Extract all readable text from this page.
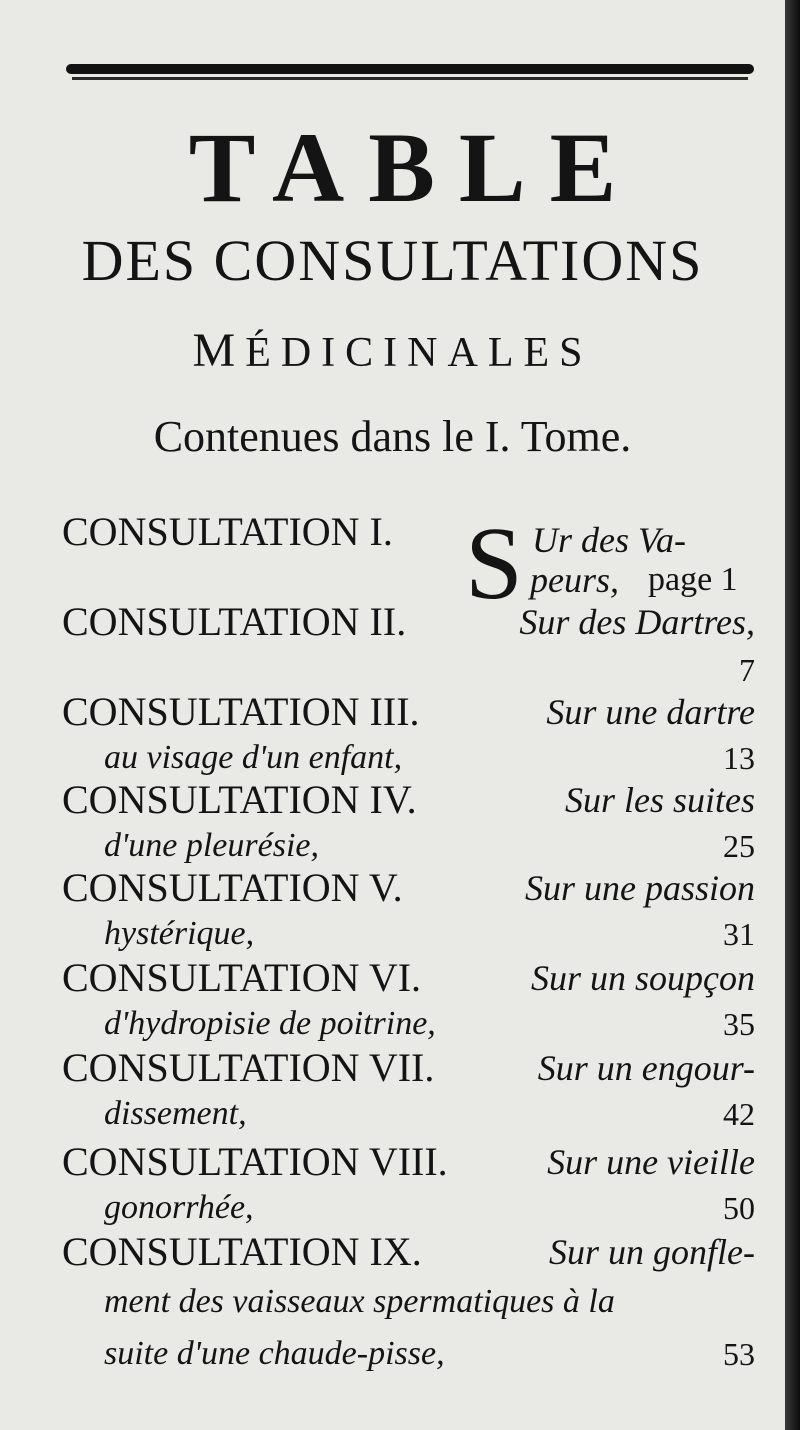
TABLE
DES CONSULTATIONS
MÉDICINALES
Contenues dans le I. Tome.
CONSULTATION I. S Ur des Va-
peurs, page 1
CONSULTATION II.	Sur des Dartres,
7
CONSULTATION III.	Sur une dartre
au visage d'un enfant,	13
CONSULTATION IV.	Sur les suites
d'une pleurésie,	25
CONSULTATION V.	Sur une passion
hystérique,	31
CONSULTATION VI.	Sur un soupçon
d'hydropisie de poitrine,	35
CONSULTATION VII.	Sur un engour-
dissement,	42
CONSULTATION VIII.	Sur une vieille
gonorrhée,	50
CONSULTATION IX.	Sur un gonfle-
ment des vaisseaux spermatiques à la
suite d'une chaude-pisse,	53
